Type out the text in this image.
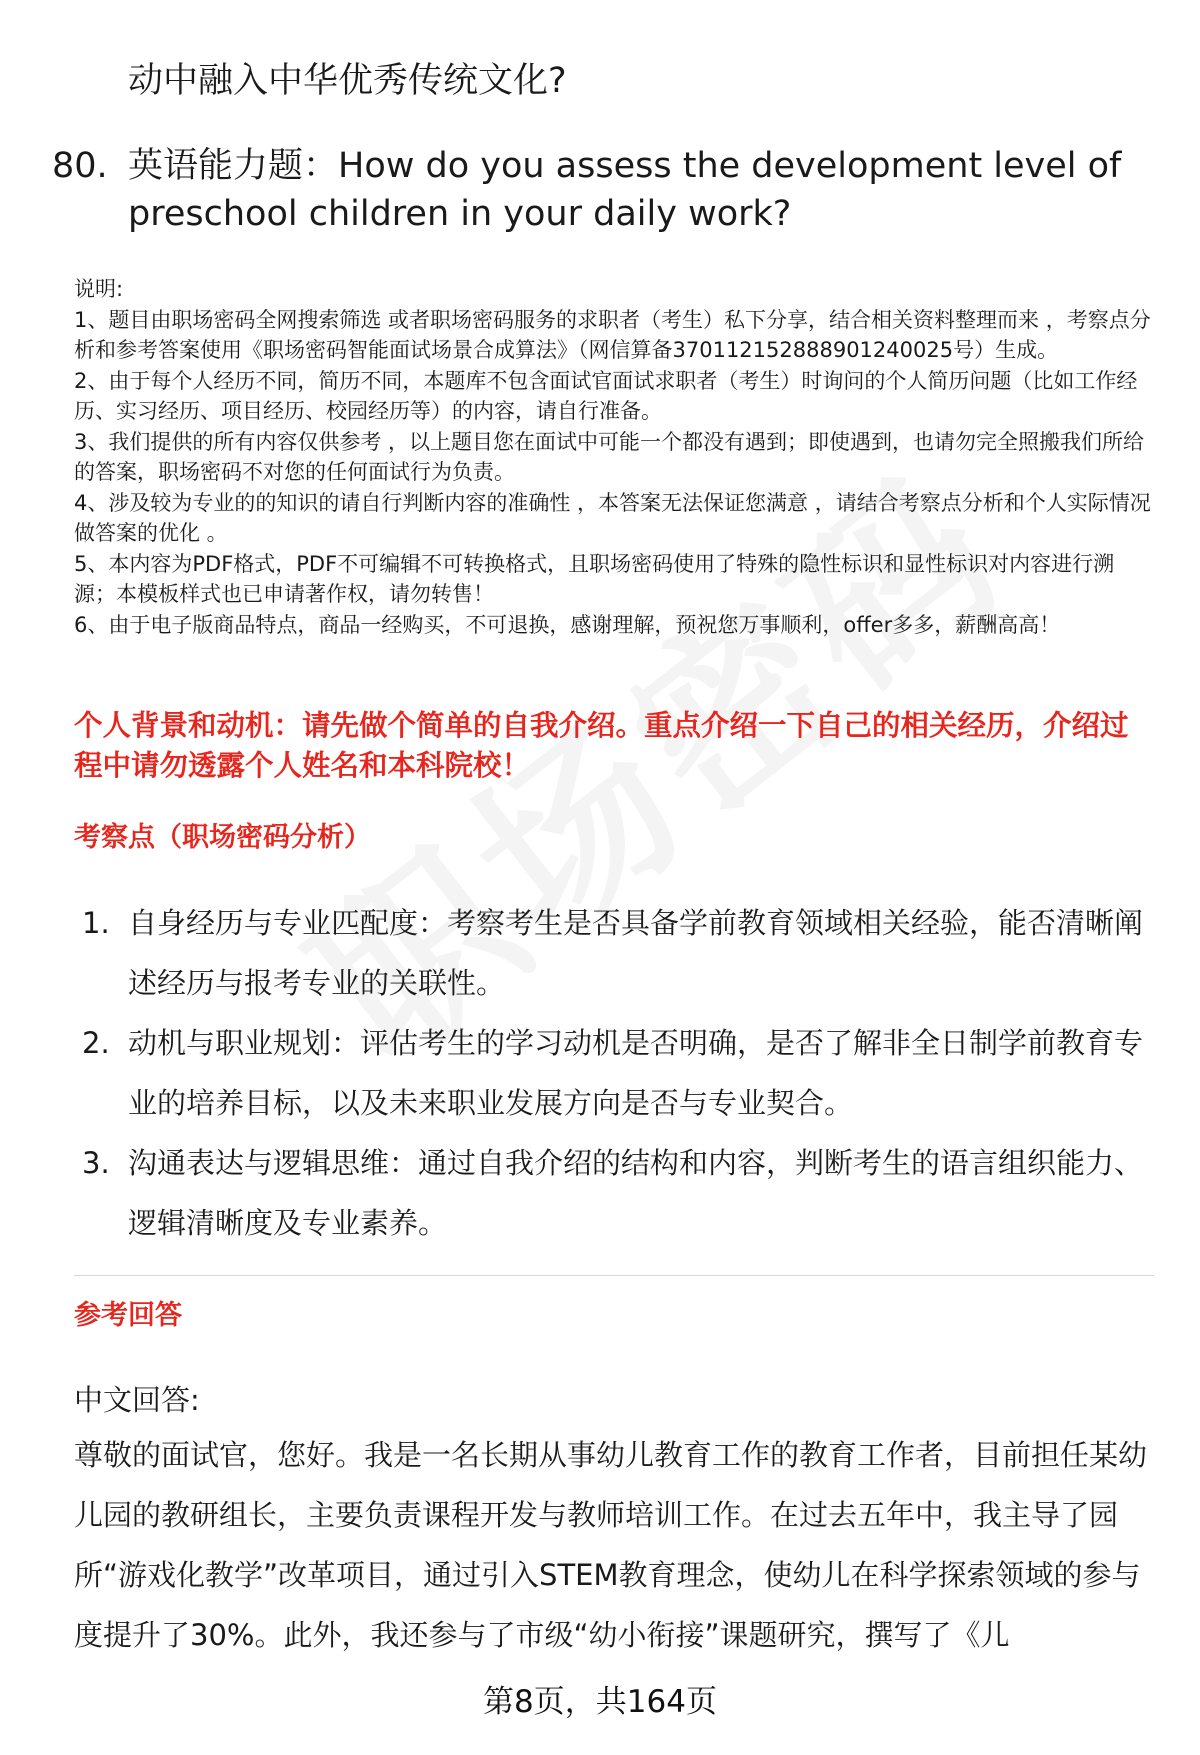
动中融入中华优秀传统文化?
80. 英语能力题：How do you assess the development level of preschool children in your daily work?

说明:

1、题目由职场密码全网搜索筛选 或者职场密码服务的求职者（考生）私下分享，结合相关资料整理而来 ，考察点分析和参考答案使用《职场密码智能面试场景合成算法》（网信算备370112152888901240025号）生成。

2、由于每个人经历不同，简历不同，本题库不包含面试官面试求职者（考生）时询问的个人简历问题（比如工作经历、实习经历、项目经历、校园经历等）的内容，请自行准备。

3、我们提供的所有内容仅供参考 ，以上题目您在面试中可能一个都没有遇到；即使遇到，也请勿完全照搬我们所给的答案，职场密码不对您的任何面试行为负责。

4、涉及较为专业的的知识的请自行判断内容的准确性 ，本答案无法保证您满意 ，请结合考察点分析和个人实际情况做答案的优化 。

5、本内容为PDF格式，PDF不可编辑不可转换格式，且职场密码使用了特殊的隐性标识和显性标识对内容进行溯源；本模板样式也已申请著作权，请勿转售！

6、由于电子版商品特点，商品一经购买，不可退换，感谢理解，预祝您万事顺利，offer多多，薪酬高高！

个人背景和动机：请先做个简单的自我介绍。重点介绍一下自己的相关经历，介绍过程中请勿透露个人姓名和本科院校！
考察点（职场密码分析）
1. 自身经历与专业匹配度：考察考生是否具备学前教育领域相关经验，能否清晰阐述经历与报考专业的关联性。
2. 动机与职业规划：评估考生的学习动机是否明确，是否了解非全日制学前教育专业的培养目标，以及未来职业发展方向是否与专业契合。
3. 沟通表达与逻辑思维：通过自我介绍的结构和内容，判断考生的语言组织能力、逻辑清晰度及专业素养。
参考回答
中文回答:
尊敬的面试官，您好。我是一名长期从事幼儿教育工作的教育工作者，目前担任某幼儿园的教研组长，主要负责课程开发与教师培训工作。在过去五年中，我主导了园所“游戏化教学”改革项目，通过引入STEM教育理念，使幼儿在科学探索领域的参与度提升了30%。此外，我还参与了市级“幼小衔接”课题研究，撰写了《儿
第8页，共164页
